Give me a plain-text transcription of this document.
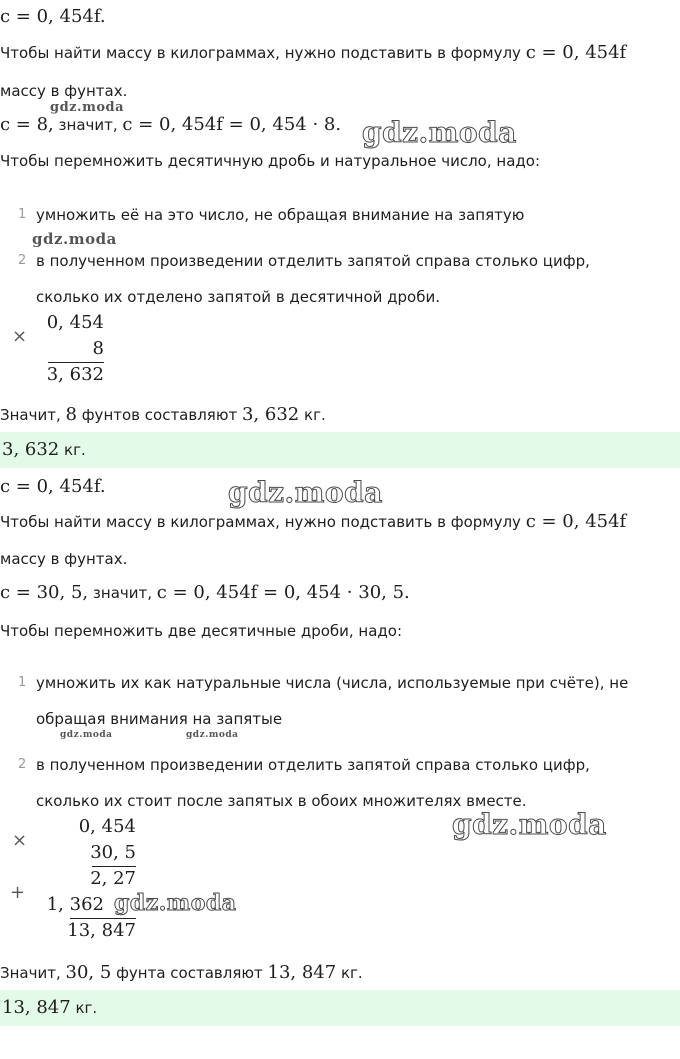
c = 0, 454f.
Чтобы найти массу в килограммах, нужно подставить в формулу c = 0, 454f
массу в фунтах.
c = 8, значит, c = 0, 454f = 0, 454 · 8.
Чтобы перемножить десятичную дробь и натуральное число, надо:
1 умножить её на это число, не обращая внимание на запятую
2 в полученном произведении отделить запятой справа столько цифр,
сколько их отделено запятой в десятичной дроби.
×
0, 454
8
3, 632
Значит, 8 фунтов составляют 3, 632 кг.
3, 632 кг.
c = 0, 454f.
Чтобы найти массу в килограммах, нужно подставить в формулу c = 0, 454f
массу в фунтах.
c = 30, 5, значит, c = 0, 454f = 0, 454 · 30, 5.
Чтобы перемножить две десятичные дроби, надо:
1 умножить их как натуральные числа (числа, используемые при счёте), не
обращая внимания на запятые
2 в полученном произведении отделить запятой справа столько цифр,
сколько их стоит после запятых в обоих множителях вместе.
×
+
0, 454
30, 5
2, 27
1, 362
13, 847
Значит, 30, 5 фунта составляют 13, 847 кг.
13, 847 кг.
gdz.moda
gdz.moda
gdz.moda
gdz.moda
gdz.moda	gdz.moda
gdz.moda
gdz.moda
